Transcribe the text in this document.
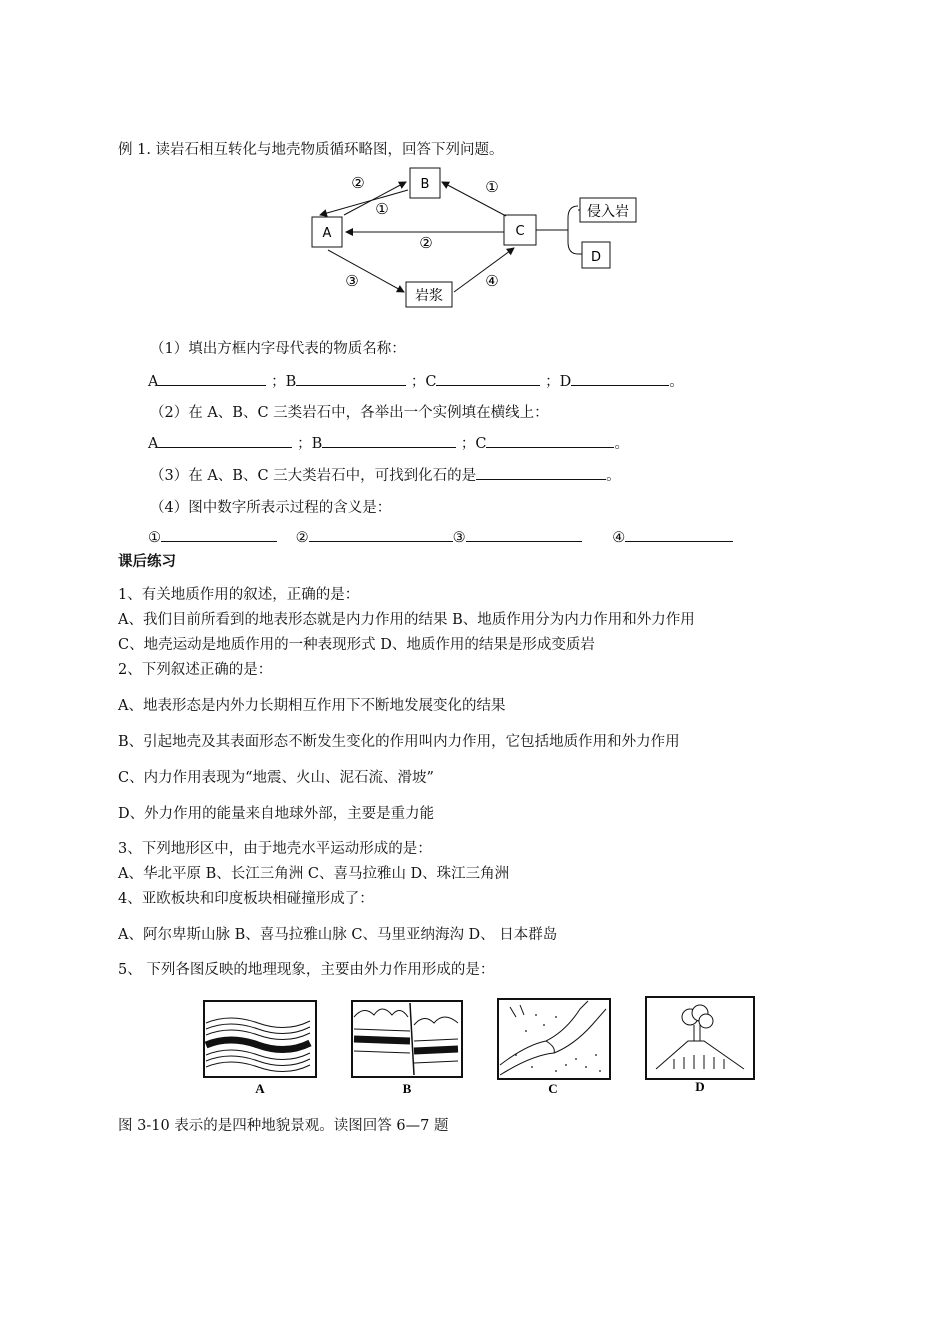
例 1. 读岩石相互转化与地壳物质循环略图，回答下列问题。
A
B
C
岩浆
侵入岩
D
②
①
①
②
③	④
（1）填出方框内字母代表的物质名称：
A	；B	；C	；D	。
（2）在 A、B、C 三类岩石中，各举出一个实例填在横线上：
A	；B	；C	。
（3）在 A、B、C 三大类岩石中，可找到化石的是	。
（4）图中数字所表示过程的含义是：
①	②	③	④
课后练习
1、有关地质作用的叙述，正确的是：
A、我们目前所看到的地表形态就是内力作用的结果 B、地质作用分为内力作用和外力作用
C、地壳运动是地质作用的一种表现形式 D、地质作用的结果是形成变质岩
2、下列叙述正确的是：
A、地表形态是内外力长期相互作用下不断地发展变化的结果
B、引起地壳及其表面形态不断发生变化的作用叫内力作用，它包括地质作用和外力作用
C、内力作用表现为“地震、火山、泥石流、滑坡”
D、外力作用的能量来自地球外部，主要是重力能
3、下列地形区中，由于地壳水平运动形成的是：
A、华北平原 B、长江三角洲 C、喜马拉雅山 D、珠江三角洲
4、亚欧板块和印度板块相碰撞形成了：
A、阿尔卑斯山脉 B、喜马拉雅山脉 C、马里亚纳海沟 D、 日本群岛
5、 下列各图反映的地理现象，主要由外力作用形成的是：
A	B	C	D
图 3-10 表示的是四种地貌景观。读图回答 6—7 题
